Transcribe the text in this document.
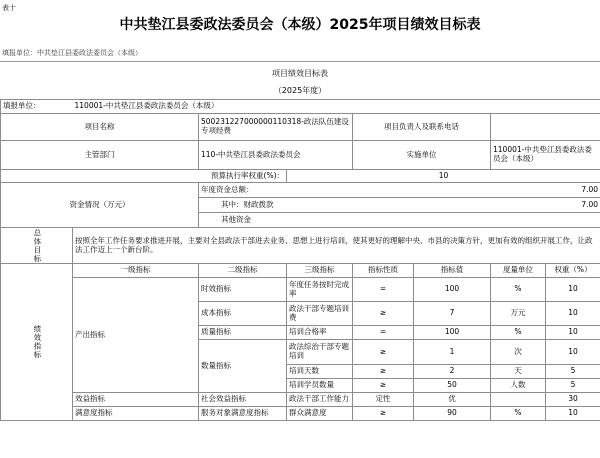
表十
中共垫江县委政法委员会（本级）2025年项目绩效目标表
填报单位：中共垫江县委政法委员会（本级）
项目绩效目标表
（2025年度）
填报单位：	110001-中共垫江县委政法委员会（本级）						
项目名称		500231227000000110318-政法队伍建设专项经费		项目负责人及联系电话			
主管部门		110-中共垫江县委政法委员会		实施单位		110001-中共垫江县委政法委员会（本级）	
预算执行率权重(%)：			10				
资金情况（万元）		年度资金总额：					7.00
		其中：财政拨款					7.00
		其他资金					

总体目标	按照全年工作任务要求推进开展，主要对全县政法干部进去业务、思想上进行培训，使其更好的理解中央、市县的决策方针，更加有效的组织开展工作，让政法工作迈上一个新台阶。						

绩效指标	一级指标	二级指标	三级指标	指标性质	指标值	度量单位	权重（%）
	产出指标	时效指标	年度任务按时完成率	=	100	%	10
		成本指标	政法干部专题培训费	≥	7	万元	10
		质量指标	培训合格率	=	100	%	10
		数量指标	政法综治干部专题培训	≥	1	次	10
			培训天数	≥	2	天	5
			培训学员数量	≥	50	人数	5
	效益指标	社会效益指标	政法干部工作能力	定性	优		30
	满意度指标	服务对象满意度指标	群众满意度	≥	90	%	10
